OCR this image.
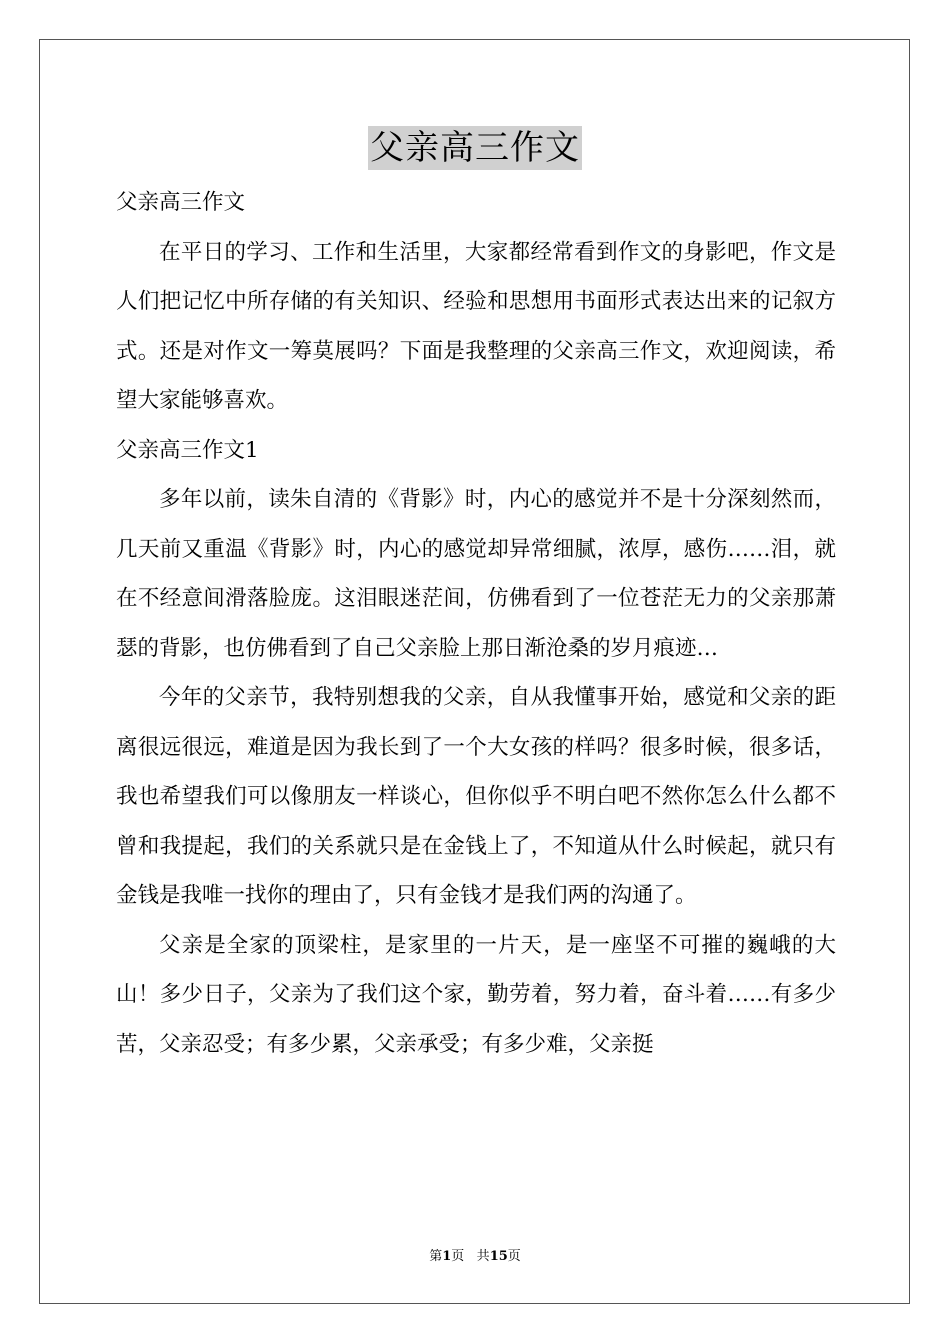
父亲高三作文

父亲高三作文

在平日的学习、工作和生活里，大家都经常看到作文的身影吧，作文是人们把记忆中所存储的有关知识、经验和思想用书面形式表达出来的记叙方式。还是对作文一筹莫展吗？下面是我整理的父亲高三作文，欢迎阅读，希望大家能够喜欢。

父亲高三作文1

多年以前，读朱自清的《背影》时，内心的感觉并不是十分深刻然而，几天前又重温《背影》时，内心的感觉却异常细腻，浓厚，感伤……泪，就在不经意间滑落脸庞。这泪眼迷茫间，仿佛看到了一位苍茫无力的父亲那萧瑟的背影，也仿佛看到了自己父亲脸上那日渐沧桑的岁月痕迹…

今年的父亲节，我特别想我的父亲，自从我懂事开始，感觉和父亲的距离很远很远，难道是因为我长到了一个大女孩的样吗？很多时候，很多话，我也希望我们可以像朋友一样谈心，但你似乎不明白吧不然你怎么什么都不曾和我提起，我们的关系就只是在金钱上了，不知道从什么时候起，就只有金钱是我唯一找你的理由了，只有金钱才是我们两的沟通了。

父亲是全家的顶梁柱，是家里的一片天，是一座坚不可摧的巍峨的大山！多少日子，父亲为了我们这个家，勤劳着，努力着，奋斗着……有多少苦，父亲忍受；有多少累，父亲承受；有多少难，父亲挺

第1页 共15页
